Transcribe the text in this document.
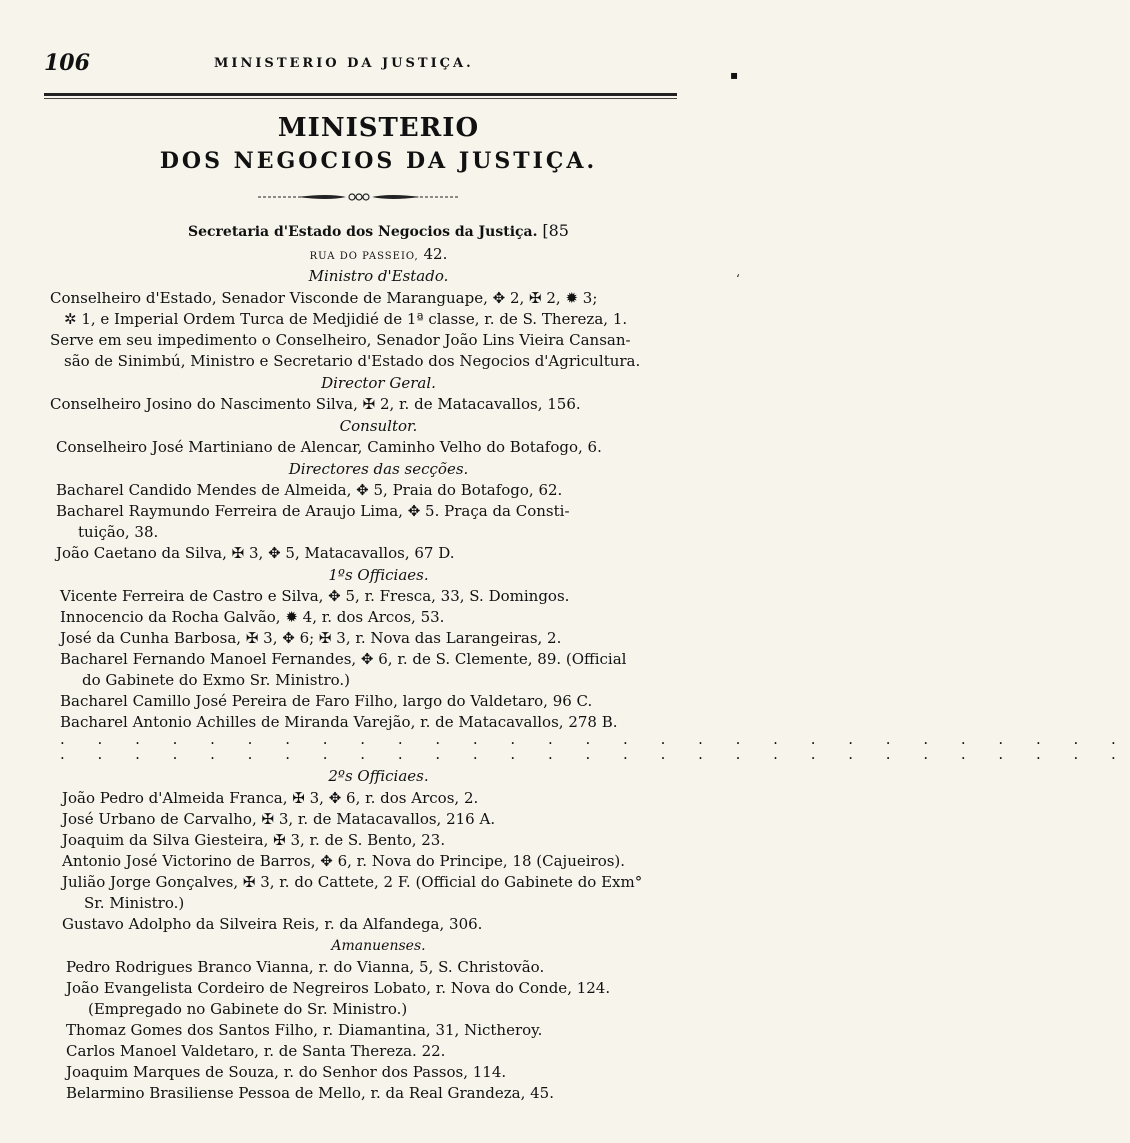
106	MINISTERIO DA JUSTIÇA.
▪
ʻ
MINISTERIO
DOS NEGOCIOS DA JUSTIÇA.
Secretaria d'Estado dos Negocios da Justiça. [85
RUA DO PASSEIO, 42.
Ministro d'Estado.
Conselheiro d'Estado, Senador Visconde de Maranguape, ✥ 2, ✠ 2, ✹ 3;
✲ 1, e Imperial Ordem Turca de Medjidié de 1ª classe, r. de S. Thereza, 1.
Serve em seu impedimento o Conselheiro, Senador João Lins Vieira Cansan-
são de Sinimbú, Ministro e Secretario d'Estado dos Negocios d'Agricultura.
Director Geral.
Conselheiro Josino do Nascimento Silva, ✠ 2, r. de Matacavallos, 156.
Consultor.
Conselheiro José Martiniano de Alencar, Caminho Velho do Botafogo, 6.
Directores das secções.
Bacharel Candido Mendes de Almeida, ✥ 5, Praia do Botafogo, 62.
Bacharel Raymundo Ferreira de Araujo Lima, ✥ 5. Praça da Consti-
tuição, 38.
João Caetano da Silva, ✠ 3, ✥ 5, Matacavallos, 67 D.
1ºs Officiaes.
Vicente Ferreira de Castro e Silva, ✥ 5, r. Fresca, 33, S. Domingos.
Innocencio da Rocha Galvão, ✹ 4, r. dos Arcos, 53.
José da Cunha Barbosa, ✠ 3, ✥ 6; ✠ 3, r. Nova das Larangeiras, 2.
Bacharel Fernando Manoel Fernandes, ✥ 6, r. de S. Clemente, 89. (Official
do Gabinete do Exmo Sr. Ministro.)
Bacharel Camillo José Pereira de Faro Filho, largo do Valdetaro, 96 C.
Bacharel Antonio Achilles de Miranda Varejão, r. de Matacavallos, 278 B.
. . . . . . . . . . . . . . . . . . . . . . . . . . . . .
. . . . . . . . . . . . . . . . . . . . . . . . . . . . .
2ºs Officiaes.
João Pedro d'Almeida Franca, ✠ 3, ✥ 6, r. dos Arcos, 2.
José Urbano de Carvalho, ✠ 3, r. de Matacavallos, 216 A.
Joaquim da Silva Giesteira, ✠ 3, r. de S. Bento, 23.
Antonio José Victorino de Barros, ✥ 6, r. Nova do Principe, 18 (Cajueiros).
Julião Jorge Gonçalves, ✠ 3, r. do Cattete, 2 F. (Official do Gabinete do Exm°
Sr. Ministro.)
Gustavo Adolpho da Silveira Reis, r. da Alfandega, 306.
Amanuenses.
Pedro Rodrigues Branco Vianna, r. do Vianna, 5, S. Christovão.
João Evangelista Cordeiro de Negreiros Lobato, r. Nova do Conde, 124.
(Empregado no Gabinete do Sr. Ministro.)
Thomaz Gomes dos Santos Filho, r. Diamantina, 31, Nictheroy.
Carlos Manoel Valdetaro, r. de Santa Thereza. 22.
Joaquim Marques de Souza, r. do Senhor dos Passos, 114.
Belarmino Brasiliense Pessoa de Mello, r. da Real Grandeza, 45.
